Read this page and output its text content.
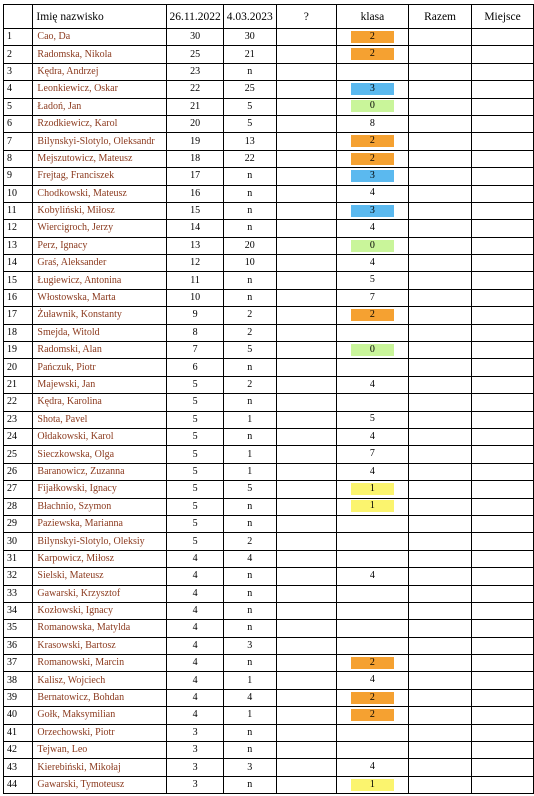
	Imię nazwisko	26.11.2022	4.03.2023	?	klasa	Razem	Miejsce
1	Cao, Da	30	30		2		
2	Radomska, Nikola	25	21		2		
3	Kędra, Andrzej	23	n				
4	Leonkiewicz, Oskar	22	25		3		
5	Ładoń, Jan	21	5		0		
6	Rzodkiewicz, Karol	20	5		8		
7	Bilynskyi-Slotylo, Oleksandr	19	13		2		
8	Mejszutowicz, Mateusz	18	22		2		
9	Frejtag, Franciszek	17	n		3		
10	Chodkowski, Mateusz	16	n		4		
11	Kobyliński, Miłosz	15	n		3		
12	Wiercigroch, Jerzy	14	n		4		
13	Perz, Ignacy	13	20		0		
14	Graś, Aleksander	12	10		4		
15	Ługiewicz, Antonina	11	n		5		
16	Włostowska, Marta	10	n		7		
17	Żuławnik, Konstanty	9	2		2		
18	Smejda, Witold	8	2				
19	Radomski, Alan	7	5		0		
20	Pańczuk, Piotr	6	n				
21	Majewski, Jan	5	2		4		
22	Kędra, Karolina	5	n				
23	Shota, Pavel	5	1		5		
24	Ołdakowski, Karol	5	n		4		
25	Sieczkowska, Olga	5	1		7		
26	Baranowicz, Zuzanna	5	1		4		
27	Fijałkowski, Ignacy	5	5		1		
28	Błachnio, Szymon	5	n		1		
29	Paziewska, Marianna	5	n				
30	Bilynskyi-Slotylo, Oleksiy	5	2				
31	Karpowicz, Miłosz	4	4				
32	Sielski, Mateusz	4	n		4		
33	Gawarski, Krzysztof	4	n				
34	Kozłowski, Ignacy	4	n				
35	Romanowska, Matylda	4	n				
36	Krasowski, Bartosz	4	3				
37	Romanowski, Marcin	4	n		2		
38	Kalisz, Wojciech	4	1		4		
39	Bernatowicz, Bohdan	4	4		2		
40	Gołk, Maksymilian	4	1		2		
41	Orzechowski, Piotr	3	n				
42	Tejwan, Leo	3	n				
43	Kierebiński, Mikołaj	3	3		4		
44	Gawarski, Tymoteusz	3	n		1		
